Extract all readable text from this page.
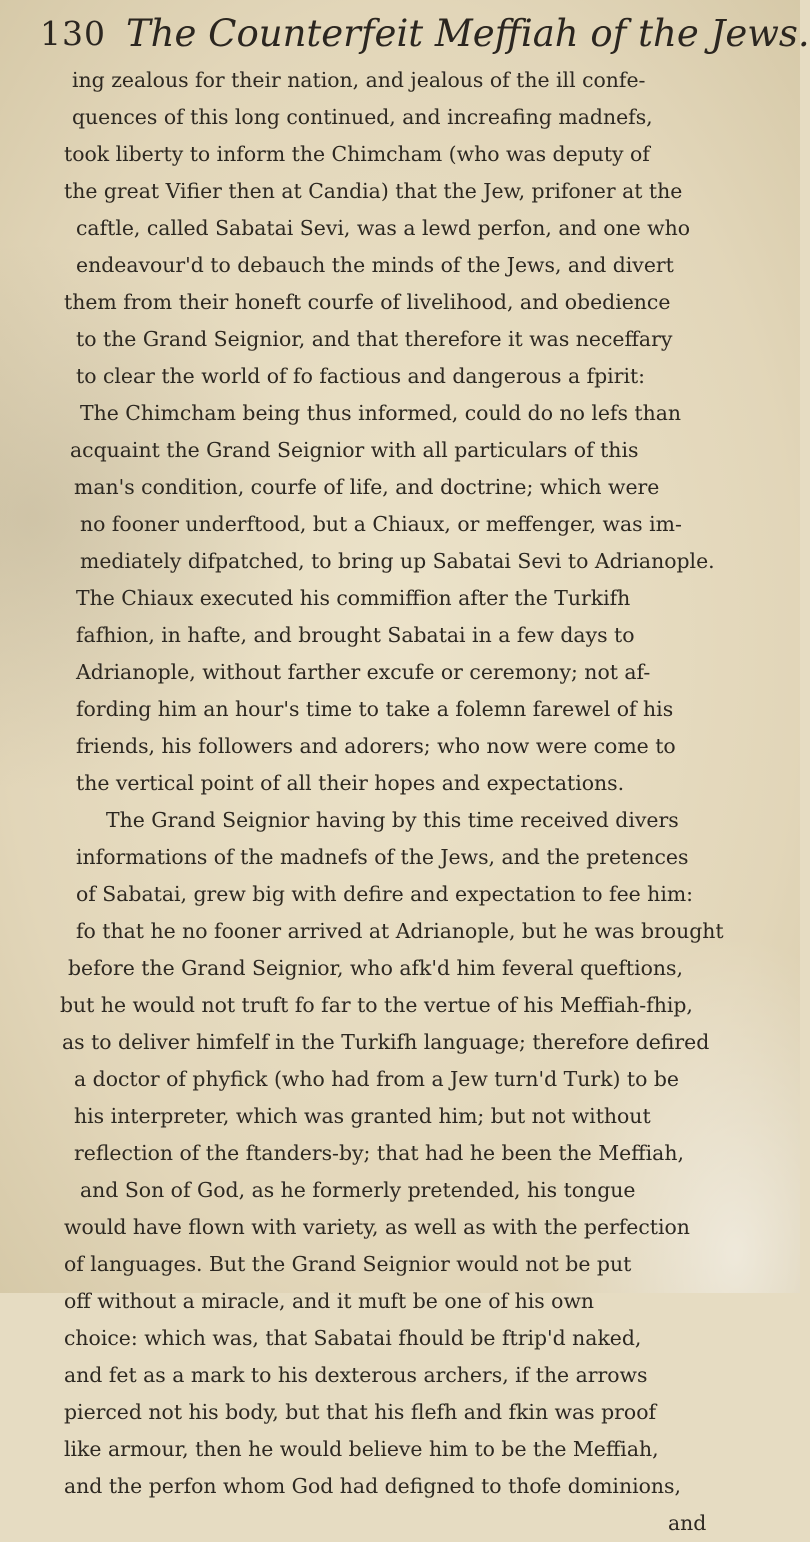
130 The Counterfeit Meffiah of the Jews.
ing zealous for their nation, and jealous of the ill confe-
quences of this long continued, and increafing madnefs,
took liberty to inform the Chimcham (who was deputy of
the great Vifier then at Candia) that the Jew, prifoner at the
caftle, called Sabatai Sevi, was a lewd perfon, and one who
endeavour'd to debauch the minds of the Jews, and divert
them from their honeft courfe of livelihood, and obedience
to the Grand Seignior, and that therefore it was neceffary
to clear the world of fo factious and dangerous a fpirit:
The Chimcham being thus informed, could do no lefs than
acquaint the Grand Seignior with all particulars of this
man's condition, courfe of life, and doctrine; which were
no fooner underftood, but a Chiaux, or meffenger, was im-
mediately difpatched, to bring up Sabatai Sevi to Adrianople.
The Chiaux executed his commiffion after the Turkifh
fafhion, in hafte, and brought Sabatai in a few days to
Adrianople, without farther excufe or ceremony; not af-
fording him an hour's time to take a folemn farewel of his
friends, his followers and adorers; who now were come to
the vertical point of all their hopes and expectations.
The Grand Seignior having by this time received divers
informations of the madnefs of the Jews, and the pretences
of Sabatai, grew big with defire and expectation to fee him:
fo that he no fooner arrived at Adrianople, but he was brought
before the Grand Seignior, who afk'd him feveral queftions,
but he would not truft fo far to the vertue of his Meffiah-fhip,
as to deliver himfelf in the Turkifh language; therefore defired
a doctor of phyfick (who had from a Jew turn'd Turk) to be
his interpreter, which was granted him; but not without
reflection of the ftanders-by; that had he been the Meffiah,
and Son of God, as he formerly pretended, his tongue
would have flown with variety, as well as with the perfection
of languages. But the Grand Seignior would not be put
off without a miracle, and it muft be one of his own
choice: which was, that Sabatai fhould be ftrip'd naked,
and fet as a mark to his dexterous archers, if the arrows
pierced not his body, but that his flefh and fkin was proof
like armour, then he would believe him to be the Meffiah,
and the perfon whom God had defigned to thofe dominions,
and
